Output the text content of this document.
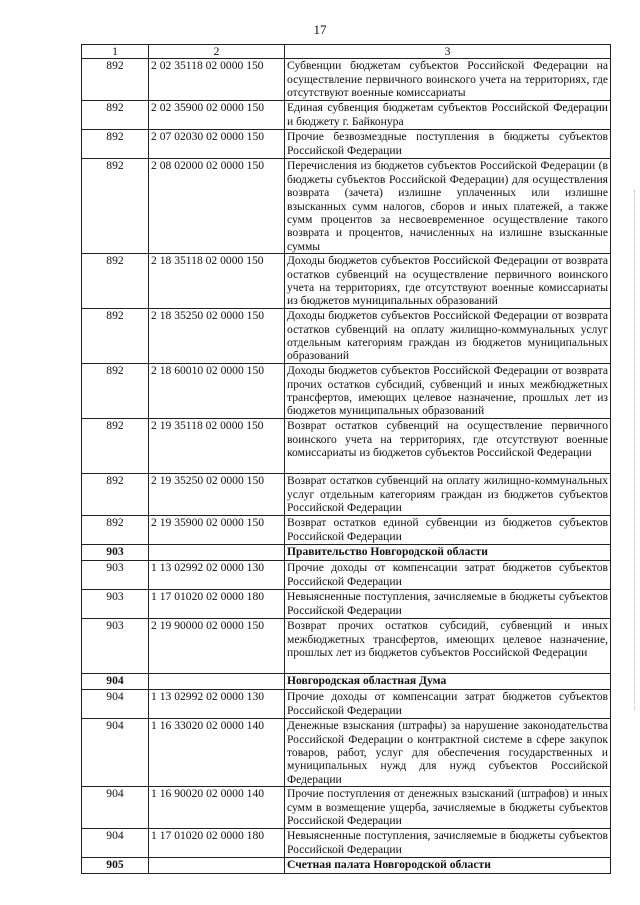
17
1	2	3
892	2 02 35118 02 0000 150	Субвенции бюджетам субъектов Российской Федерации на осуществление первичного воинского учета на территориях, где отсутствуют военные комиссариаты
892	2 02 35900 02 0000 150	Единая субвенция бюджетам субъектов Российской Федерации и бюджету г. Байконура
892	2 07 02030 02 0000 150	Прочие безвозмездные поступления в бюджеты субъектов Российской Федерации
892	2 08 02000 02 0000 150	Перечисления из бюджетов субъектов Российской Федерации (в бюджеты субъектов Российской Федерации) для осуществления возврата (зачета) излишне уплаченных или излишне взысканных сумм налогов, сборов и иных платежей, а также сумм процентов за несвоевременное осуществление такого возврата и процентов, начисленных на излишне взысканные суммы
892	2 18 35118 02 0000 150	Доходы бюджетов субъектов Российской Федерации от возврата остатков субвенций на осуществление первичного воинского учета на территориях, где отсутствуют военные комиссариаты из бюджетов муниципальных образований
892	2 18 35250 02 0000 150	Доходы бюджетов субъектов Российской Федерации от возврата остатков субвенций на оплату жилищно-коммунальных услуг отдельным категориям граждан из бюджетов муниципальных образований
892	2 18 60010 02 0000 150	Доходы бюджетов субъектов Российской Федерации от возврата прочих остатков субсидий, субвенций и иных межбюджетных трансфертов, имеющих целевое назначение, прошлых лет из бюджетов муниципальных образований
892	2 19 35118 02 0000 150	Возврат остатков субвенций на осуществление первичного воинского учета на территориях, где отсутствуют военные комиссариаты из бюджетов субъектов Российской Федерации
892	2 19 35250 02 0000 150	Возврат остатков субвенций на оплату жилищно-коммунальных услуг отдельным категориям граждан из бюджетов субъектов Российской Федерации
892	2 19 35900 02 0000 150	Возврат остатков единой субвенции из бюджетов субъектов Российской Федерации
903		Правительство Новгородской области
903	1 13 02992 02 0000 130	Прочие доходы от компенсации затрат бюджетов субъектов Российской Федерации
903	1 17 01020 02 0000 180	Невыясненные поступления, зачисляемые в бюджеты субъектов Российской Федерации
903	2 19 90000 02 0000 150	Возврат прочих остатков субсидий, субвенций и иных межбюджетных трансфертов, имеющих целевое назначение, прошлых лет из бюджетов субъектов Российской Федерации
904		Новгородская областная Дума
904	1 13 02992 02 0000 130	Прочие доходы от компенсации затрат бюджетов субъектов Российской Федерации
904	1 16 33020 02 0000 140	Денежные взыскания (штрафы) за нарушение законодательства Российской Федерации о контрактной системе в сфере закупок товаров, работ, услуг для обеспечения государственных и муниципальных нужд для нужд субъектов Российской Федерации
904	1 16 90020 02 0000 140	Прочие поступления от денежных взысканий (штрафов) и иных сумм в возмещение ущерба, зачисляемые в бюджеты субъектов Российской Федерации
904	1 17 01020 02 0000 180	Невыясненные поступления, зачисляемые в бюджеты субъектов Российской Федерации
905		Счетная палата Новгородской области
